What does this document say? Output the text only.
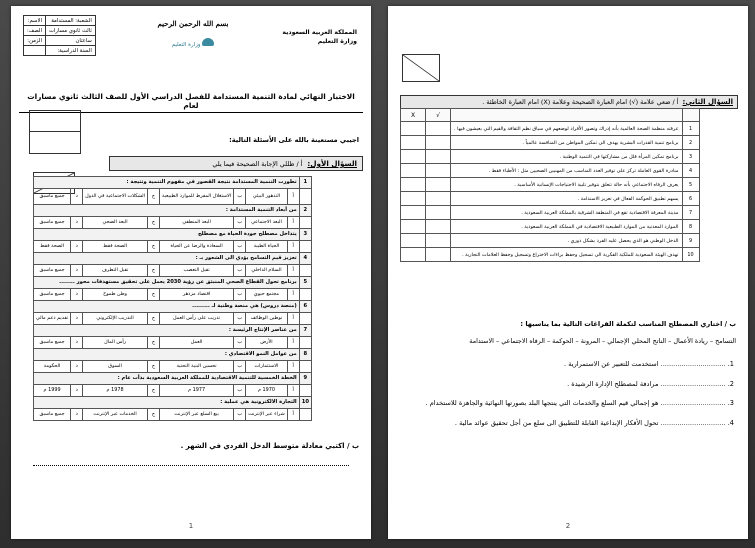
الشعبة: المستدامة	الاسم:
ثالث ثانوي مسارات	الصف:
ساعتان	الزمن:
السنة الدراسية:	
بسم الله الرحمن الرحيم
وزارة التعليم
المملكة العربية السعودية
وزارة التعليم
الاختبار النهائي لمادة التنمية المستدامة للفصل الدراسي الأول للصف الثالث ثانوي مسارات لعام
اجيبي مستعينة بالله على الأسئلة التالية:
السؤال الأول:أ / ظللي الإجابة الصحيحة فيما يلي
1	تطورت التنمية المستدامة نتيجة القصور في مفهوم التنمية وتتيجة :							
	أ	التدهور البيئي	ب	الاستغلال المفرط للموارد الطبيعية	ج	الشكلات الاجتماعية في الدول	د	جميع ماسبق
2	من أبعاد التنمية المستدامة :							
	أ	البعد الاجتماعي	ب	البعد المنطقي	ج	البعد الصحي	د	جميع ماسبق
3	يتداخل مصطلح جودة الحياة مع مصطلح							
	أ	الحياة الطيبة	ب	السعادة والرضا عن الحياة	ج	الصحة فقط	د	الصحة فقط
4	تعزيز قيم التسامح يؤدي الى الشعور بـ :							
	أ	السلام الداخلي	ب	تقبل التعصب	ج	تقبل التطرف	د	جميع ماسبق
5	برنامج تحول القطاع الصحي المنبثق عن رؤية 2030 يعمل على تحقيق مستهدفات محور ........							
	أ	مجتمع حيوي	ب	اقتصاد مزدهر	ج	وطن طموح	د	جميع ماسبق
6	(منصة دروس) هي منصة وطنية لـ .........							
	أ	توطين الوظائف	ب	تدريب على رأس العمل	ج	التدريب الإلكتروني	د	تقديم دعم مالي
7	من عناصر الإنتاج الرئيسة :							
	أ	الأرض	ب	العمل	ج	رأس المال	د	جميع ماسبق
8	من عوامل النمو الاقتصادي :							
	أ	الاستثمارات	ب	تحسين البنية التحتية	ج	السوق	د	الحكومة
9	الخطة الخمسية للتنمية الاقتصادية للمملكة العربية السعودية بدأت عام :							
	أ	1970 م	ب	1977 م	ج	1978 م	د	1999 م
10	التجارة الالكترونية هي عملية :							
	أ	شراء عبر الإنترنت	ب	بيع السلع عبر الإنترنت	ج	الخدمات عبر الإنترنت	د	جميع ماسبق
ب / اكتبي معادلة متوسط الدخل الفردي في الشهر .
1
السؤال الثاني:أ / ضعي علامة (√) امام العبارة الصحيحة وعلامة (X) امام العبارة الخاطئة .
		√	X
1	عرفته منظمة الصحة العالمية بأنه إدراك وتصور الأفراد لوضعهم في سياق نظم الثقافة والقيم التي يعيشون فيها .		
2	برنامج تنمية القدرات البشرية يهدف الى تمكين المواطن من المنافسة عالمياً .		
3	برنامج تمكين المرأة قلل من مشاركتها في التنمية الوطنية .		
4	مبادرة القوى العاملة تركز على توفير العدد المناسب من المهنيين الصحيين مثل : الأطباء فقط .		
5	يعرف الرفاه الاجتماعي بأنه حالة تتعلق بتوفير تلبية الاحتياجات الإنسانية الأساسية .		
6	يسهم تطبيق الحوكمة الفعال في تعزيز الاستدامة .		
7	مدينة المعرفة الاقتصادية تقع في المنطقة الشرقية بالمملكة العربية السعودية .		
8	الموارد المعدنية من الموارد الطبيعية الاقتصادية في المملكة العربية السعودية .		
9	الدخل الوطني هو الذي يحصل عليه الفرد بشكل دوري .		
10	تهدف الهيئة السعودية للملكية الفكرية الى تسجيل وحفظ براءات الاختراع وتسجيل وحفظ العلامات التجارية .		
ب / اختاري المصطلح المناسب لتكملة الفراغات التالية بما يناسبها :
التسامح – ريادة الأعمال – الناتج المحلي الإجمالي – المرونة – الحوكمة – الرفاه الاجتماعي – الاستدامة
1. ............................... استخدمت للتعبير عن الاستمرارية .
2. ............................... مرادفة لمصطلح الإدارة الرشيدة .
3. ............................... هو إجمالي قيم السلع والخدمات التي ينتجها البلد بصورتها النهائية والجاهزة للاستخدام .
4. ............................... تحول الأفكار الإبداعية القابلة للتطبيق الى سلع من أجل تحقيق عوائد مالية .
2
